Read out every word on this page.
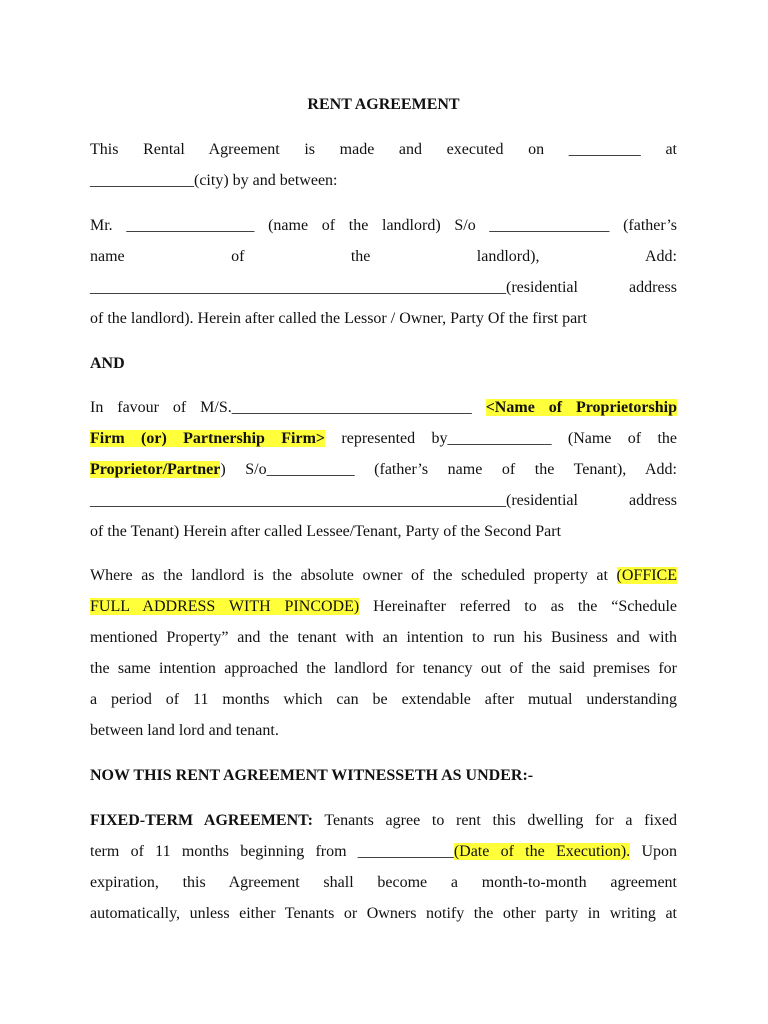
RENT AGREEMENT
This Rental Agreement is made and executed on _________ at
_____________(city) by and between:
Mr. ________________ (name of the landlord) S/o _______________ (father’s
name of the landlord), Add:
____________________________________________________(residential address
of the landlord). Herein after called the Lessor / Owner, Party Of the first part
AND
In favour of M/S.______________________________ <Name of Proprietorship
Firm (or) Partnership Firm> represented by_____________ (Name of the
Proprietor/Partner) S/o___________ (father’s name of the Tenant), Add:
____________________________________________________(residential address
of the Tenant) Herein after called Lessee/Tenant, Party of the Second Part
Where as the landlord is the absolute owner of the scheduled property at (OFFICE
FULL ADDRESS WITH PINCODE) Hereinafter referred to as the “Schedule
mentioned Property” and the tenant with an intention to run his Business and with
the same intention approached the landlord for tenancy out of the said premises for
a period of 11 months which can be extendable after mutual understanding
between land lord and tenant.
NOW THIS RENT AGREEMENT WITNESSETH AS UNDER:-
FIXED-TERM AGREEMENT: Tenants agree to rent this dwelling for a fixed
term of 11 months beginning from ____________(Date of the Execution). Upon
expiration, this Agreement shall become a month-to-month agreement
automatically, unless either Tenants or Owners notify the other party in writing at
